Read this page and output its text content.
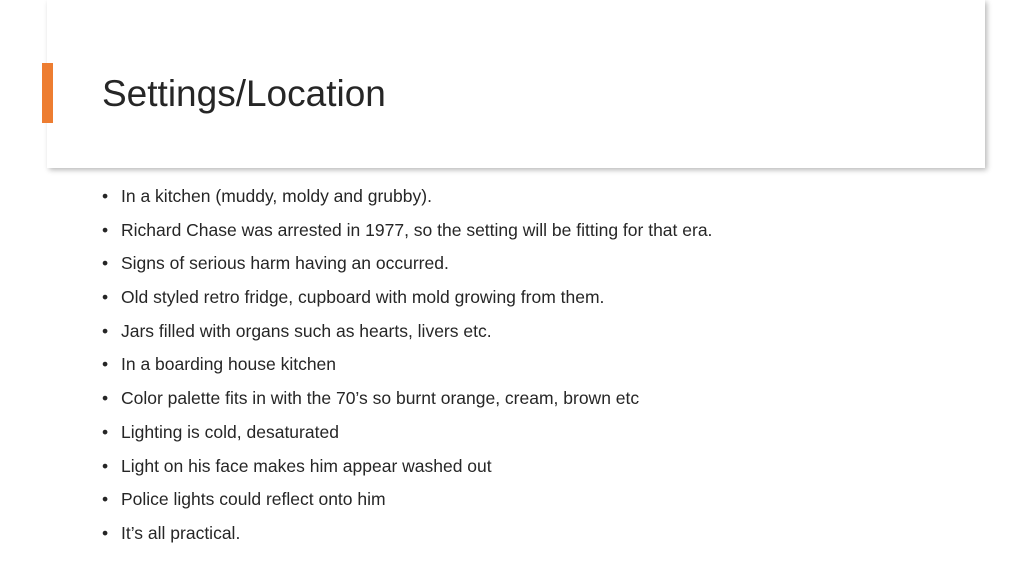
Settings/Location
• In a kitchen (muddy, moldy and grubby).
• Richard Chase was arrested in 1977, so the setting will be fitting for that era.
• Signs of serious harm having an occurred.
• Old styled retro fridge, cupboard with mold growing from them.
• Jars filled with organs such as hearts, livers etc.
• In a boarding house kitchen
• Color palette fits in with the 70’s so burnt orange, cream, brown etc
• Lighting is cold, desaturated
• Light on his face makes him appear washed out
• Police lights could reflect onto him
• It’s all practical.
